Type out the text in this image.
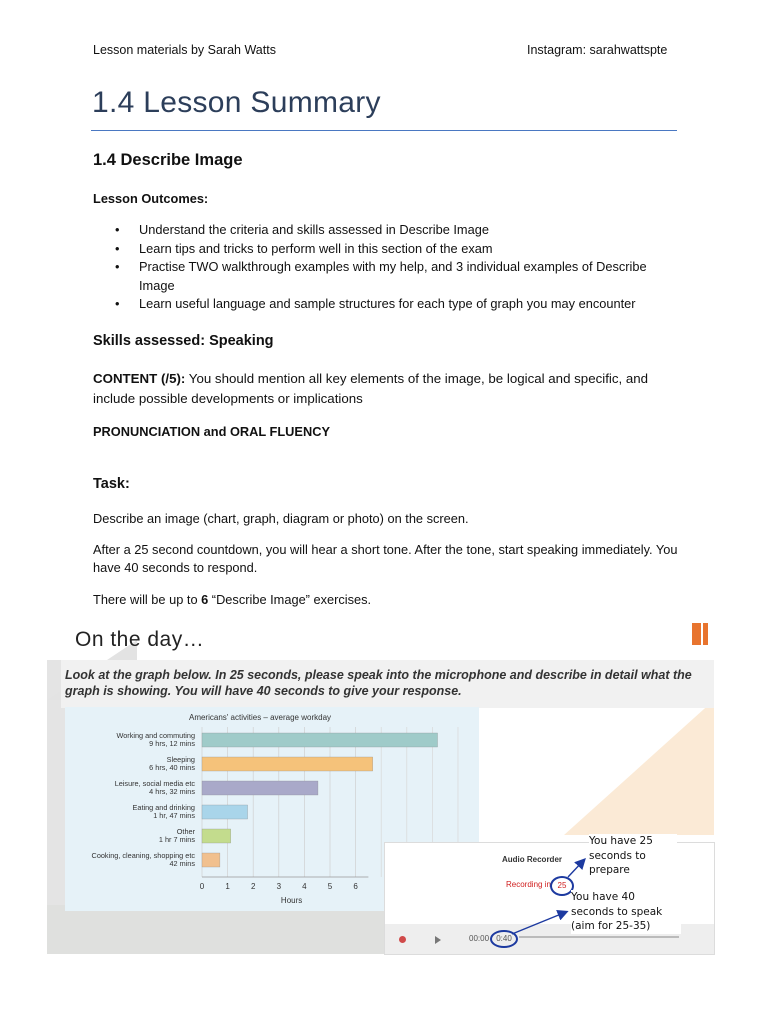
Lesson materials by Sarah Watts	Instagram: sarahwattspte
1.4 Lesson Summary
1.4 Describe Image
Lesson Outcomes:
• Understand the criteria and skills assessed in Describe Image
• Learn tips and tricks to perform well in this section of the exam
• Practise TWO walkthrough examples with my help, and 3 individual examples of Describe Image
• Learn useful language and sample structures for each type of graph you may encounter
Skills assessed: Speaking
CONTENT (/5): You should mention all key elements of the image, be logical and specific, and include possible developments or implications
PRONUNCIATION and ORAL FLUENCY
Task:
Describe an image (chart, graph, diagram or photo) on the screen.
After a 25 second countdown, you will hear a short tone. After the tone, start speaking immediately. You have 40 seconds to respond.
There will be up to 6 “Describe Image” exercises.
On the day…
Look at the graph below. In 25 seconds, please speak into the microphone and describe in detail what the graph is showing. You will have 40 seconds to give your response.
Americans' activities – average workday
0	1	2	3	4	5	6
Hours
Working and commuting
9 hrs, 12 mins
Sleeping
6 hrs, 40 mins
Leisure, social media etc
4 hrs, 32 mins
Eating and drinking
1 hr, 47 mins
Other
1 hr 7 mins
Cooking, cleaning, shopping etc
42 mins	Audio Recorder
Recording in 25
00:00 0:40
You have 25 seconds to prepare
You have 40 seconds to speak (aim for 25-35)
